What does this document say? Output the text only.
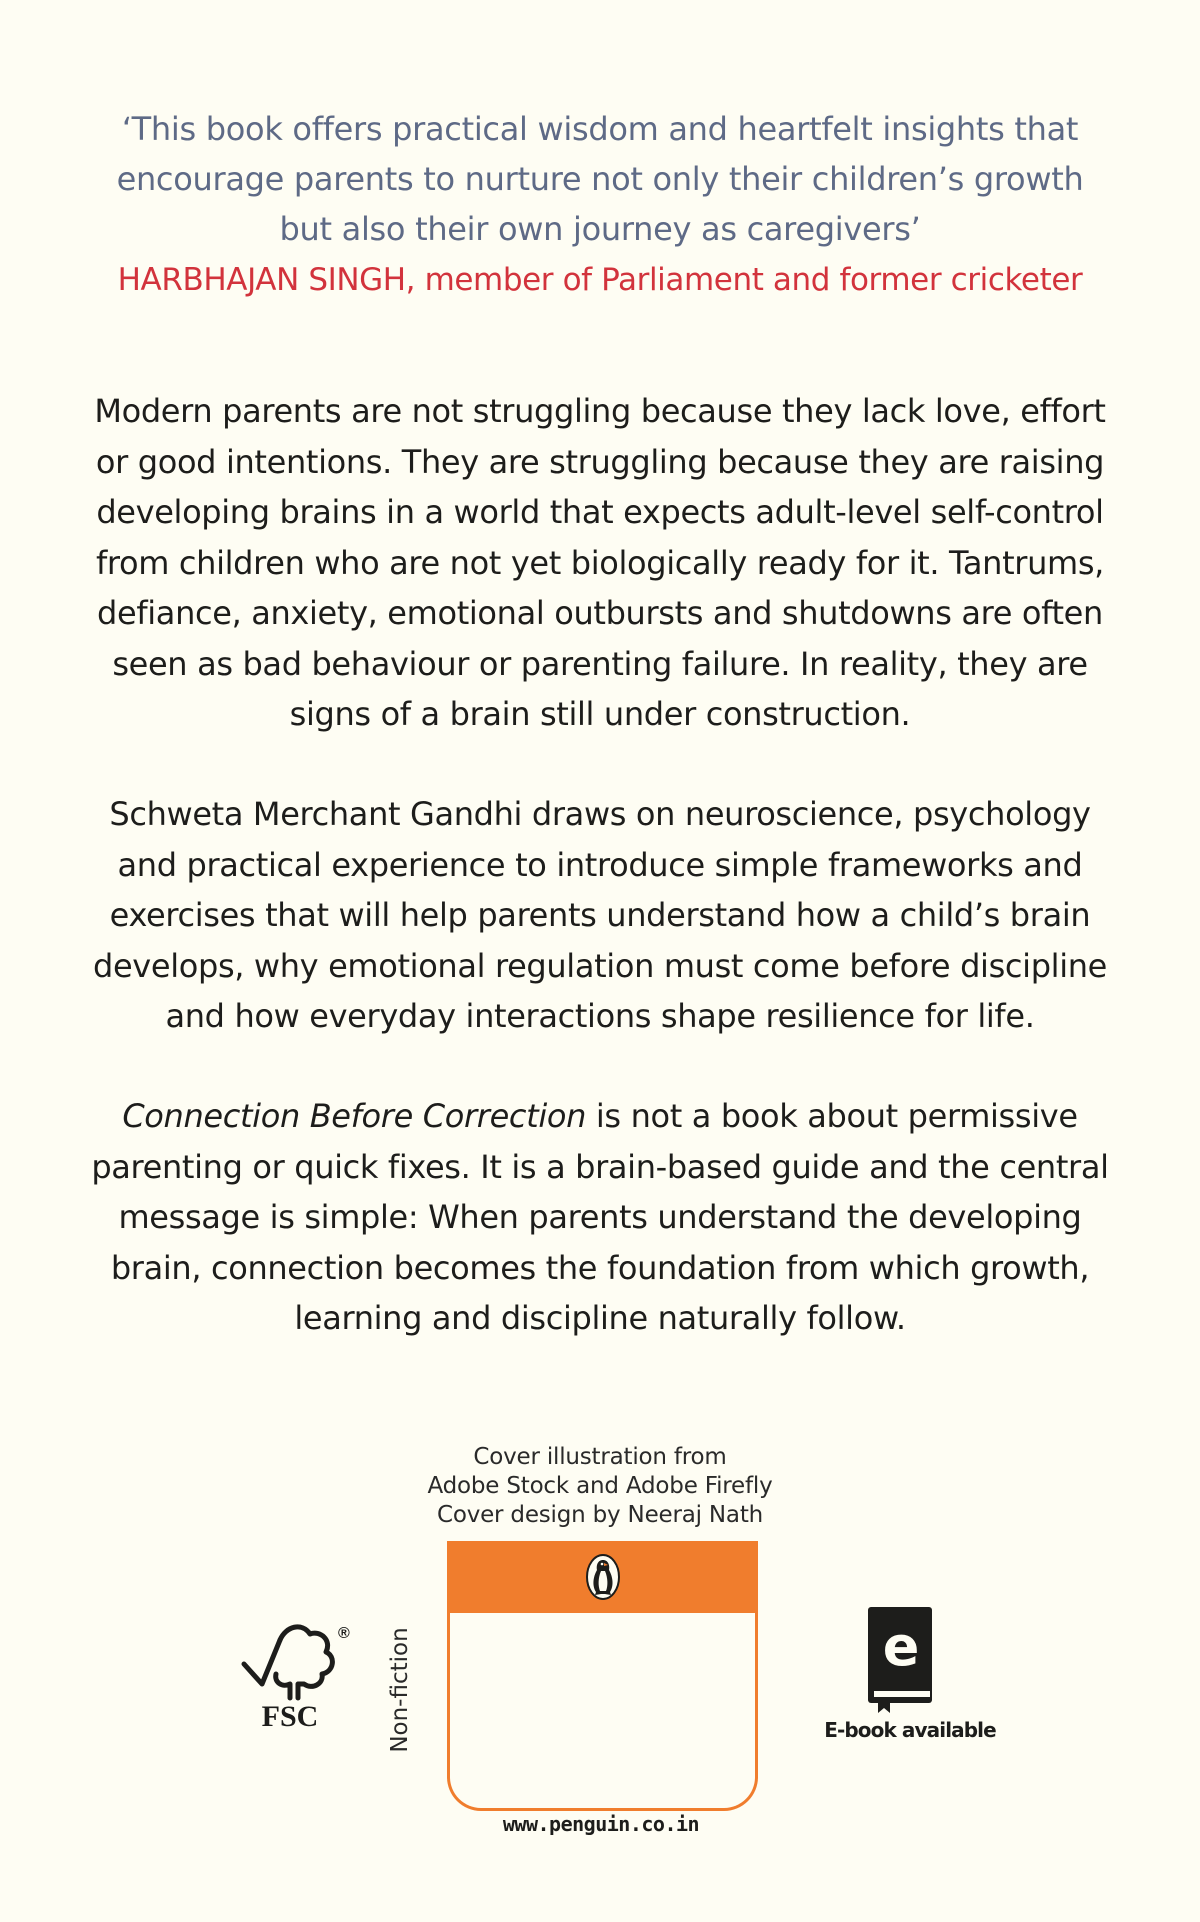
‘This book offers practical wisdom and heartfelt insights that
encourage parents to nurture not only their children’s growth
but also their own journey as caregivers’
HARBHAJAN SINGH, member of Parliament and former cricketer
Modern parents are not struggling because they lack love, effort
or good intentions. They are struggling because they are raising
developing brains in a world that expects adult-level self-control
from children who are not yet biologically ready for it. Tantrums,
defiance, anxiety, emotional outbursts and shutdowns are often
seen as bad behaviour or parenting failure. In reality, they are
signs of a brain still under construction.
Schweta Merchant Gandhi draws on neuroscience, psychology
and practical experience to introduce simple frameworks and
exercises that will help parents understand how a child’s brain
develops, why emotional regulation must come before discipline
and how everyday interactions shape resilience for life.
Connection Before Correction is not a book about permissive
parenting or quick fixes. It is a brain-based guide and the central
message is simple: When parents understand the developing
brain, connection becomes the foundation from which growth,
learning and discipline naturally follow.
Cover illustration from
Adobe Stock and Adobe Firefly
Cover design by Neeraj Nath
®
FSC	Non-fiction
www.penguin.co.in
e
E-book available
